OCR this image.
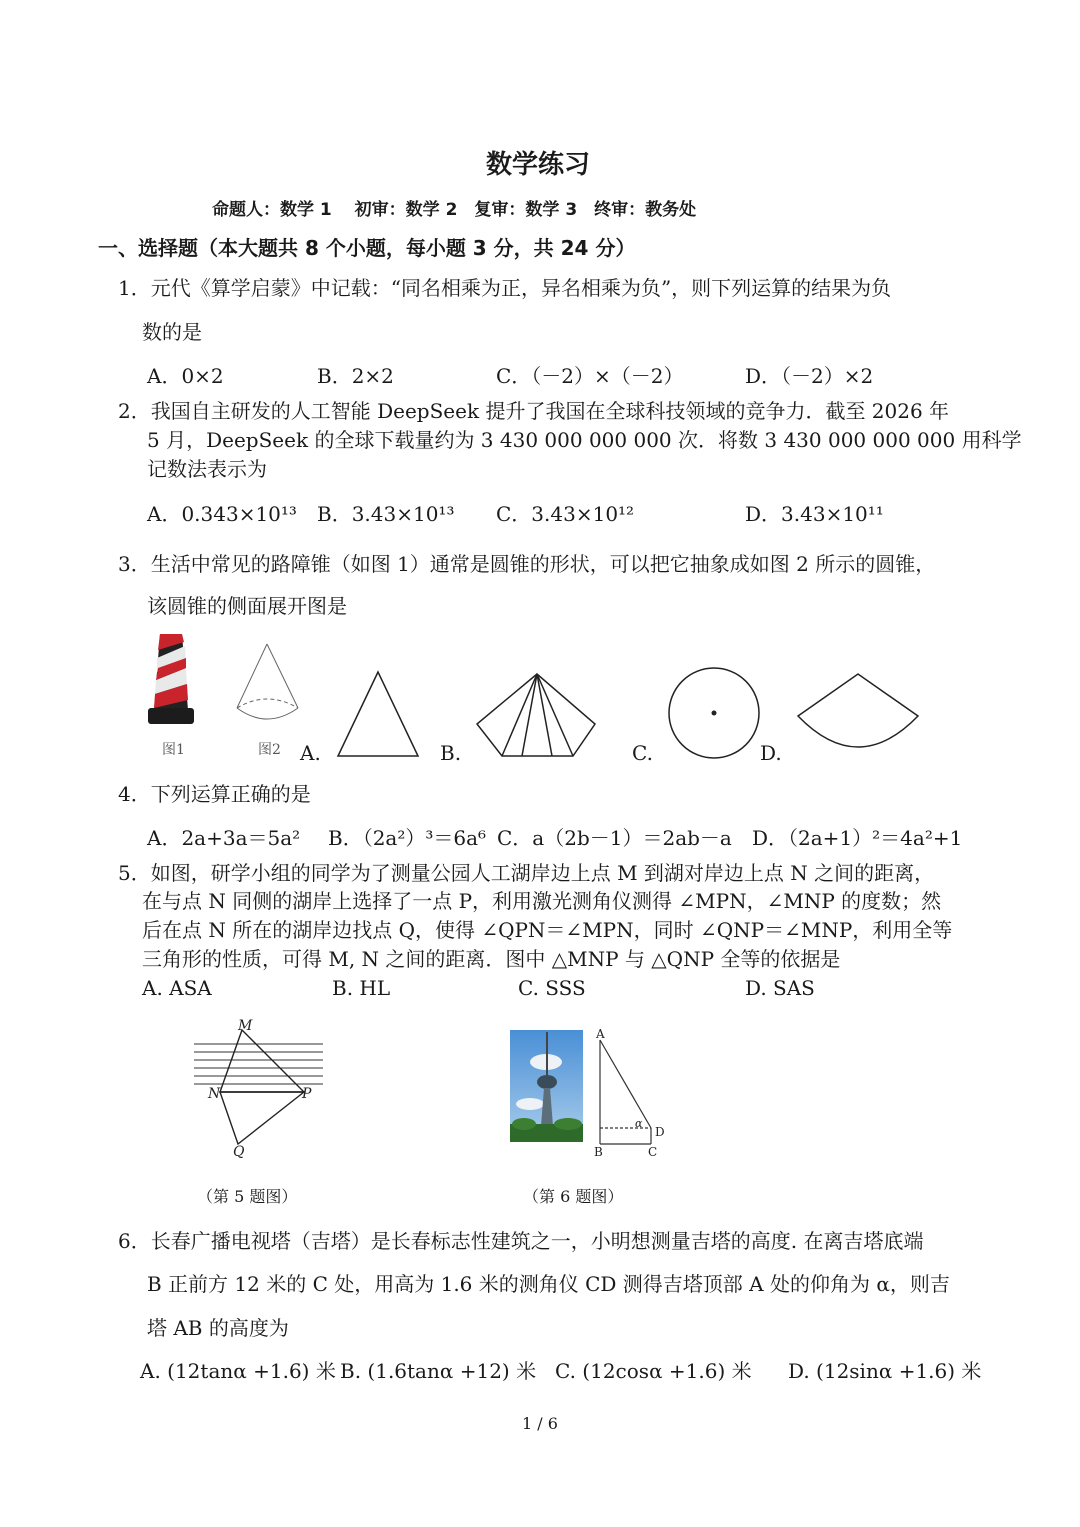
数学练习
命题人：数学 1　 初审：数学 2　复审：数学 3　终审：教务处
一、选择题（本大题共 8 个小题，每小题 3 分，共 24 分）
1．元代《算学启蒙》中记载：“同名相乘为正，异名相乘为负”，则下列运算的结果为负
数的是
A．0×2	B．2×2	C．（－2）×（－2）	D．（－2）×2
2．我国自主研发的人工智能 DeepSeek 提升了我国在全球科技领域的竞争力．截至 2026 年
5 月，DeepSeek 的全球下载量约为 3 430 000 000 000 次．将数 3 430 000 000 000 用科学
记数法表示为
A．0.343×10¹³ B．3.43×10¹³ C．3.43×10¹²	D．3.43×10¹¹
3．生活中常见的路障锥（如图 1）通常是圆锥的形状，可以把它抽象成如图 2 所示的圆锥，
该圆锥的侧面展开图是
图1	图2 A.	B.	C.	D.
4．下列运算正确的是
A．2a+3a＝5a² B．（2a²）³＝6a⁶ C．a（2b－1）＝2ab－a D．（2a+1）²＝4a²+1
5．如图，研学小组的同学为了测量公园人工湖岸边上点 M 到湖对岸边上点 N 之间的距离，
在与点 N 同侧的湖岸上选择了一点 P，利用激光测角仪测得 ∠MPN，∠MNP 的度数；然
后在点 N 所在的湖岸边找点 Q，使得 ∠QPN＝∠MPN，同时 ∠QNP＝∠MNP，利用全等
三角形的性质，可得 M, N 之间的距离．图中 △MNP 与 △QNP 全等的依据是
A. ASA	B. HL	C. SSS	D. SAS
M
N	P
Q
（第 5 题图）
A
B	C
D
α
（第 6 题图）
6．长春广播电视塔（吉塔）是长春标志性建筑之一，小明想测量吉塔的高度. 在离吉塔底端
B 正前方 12 米的 C 处，用高为 1.6 米的测角仪 CD 测得吉塔顶部 A 处的仰角为 α，则吉
塔 AB 的高度为
A. (12tanα +1.6) 米 B. (1.6tanα +12) 米 C. (12cosα +1.6) 米 D. (12sinα +1.6) 米
1 / 6
